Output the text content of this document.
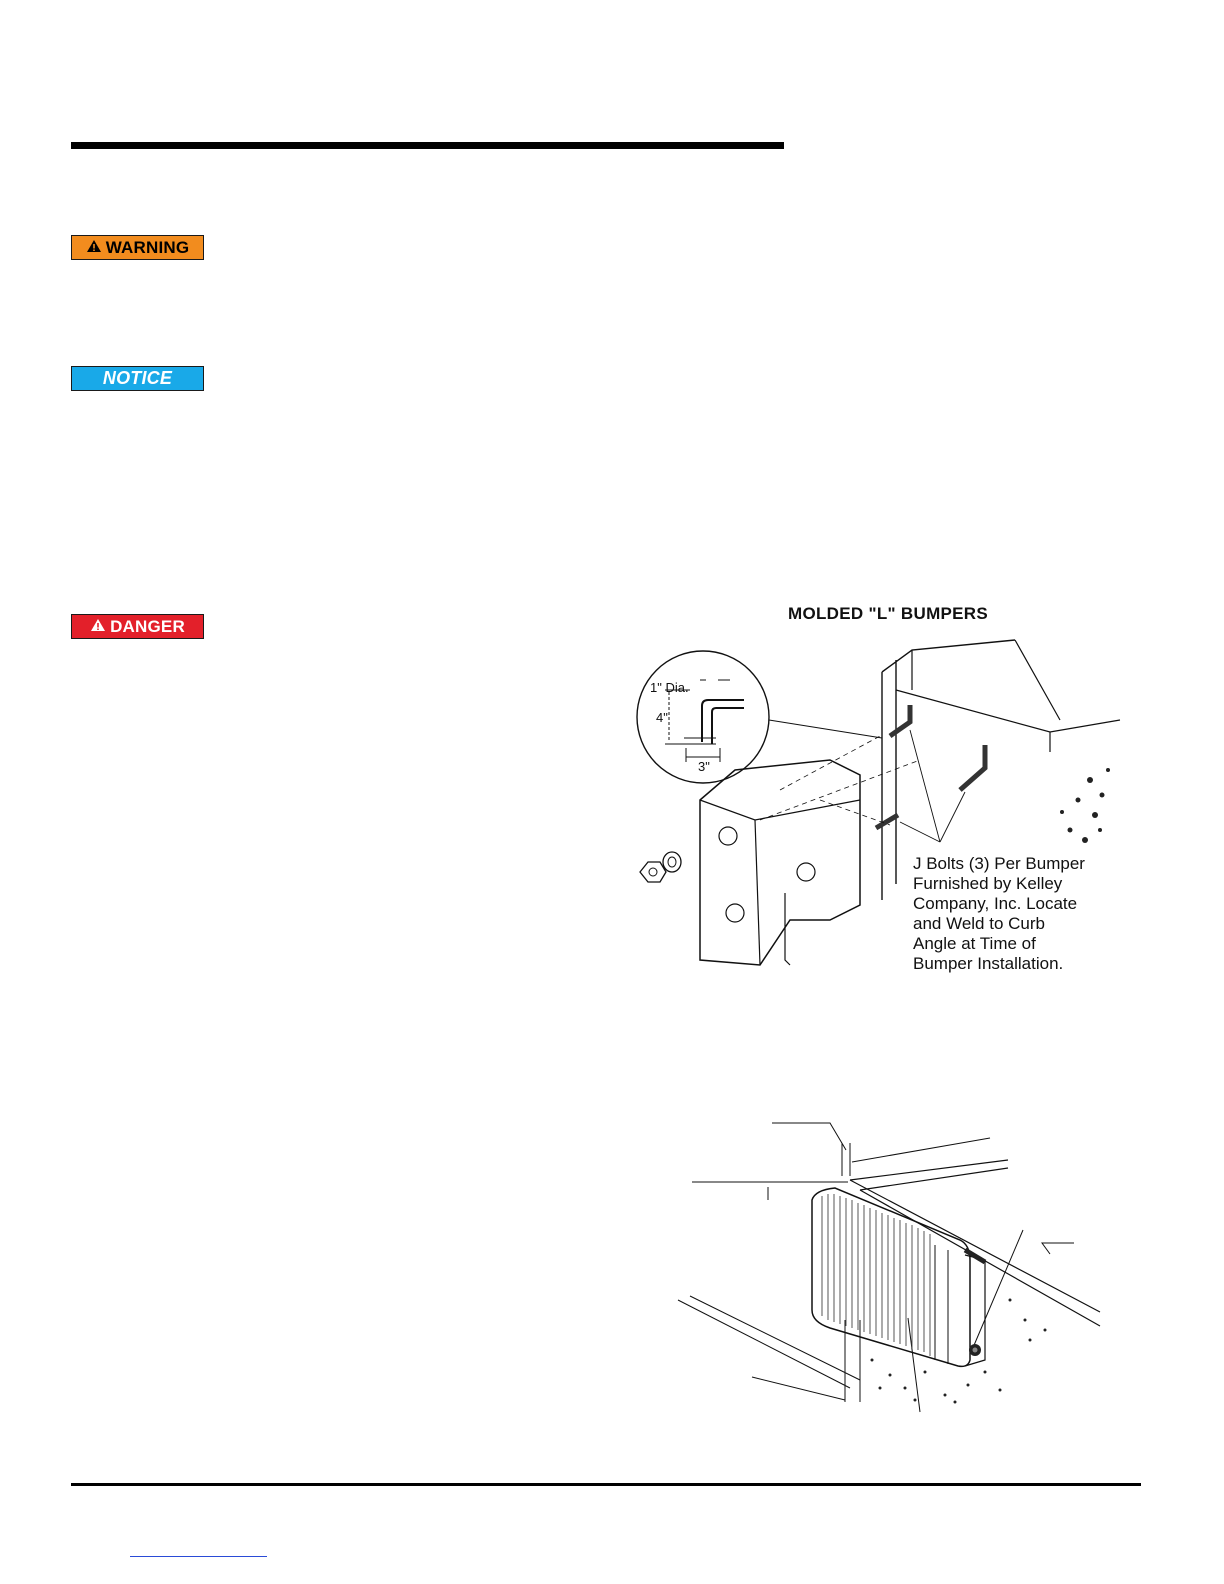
WARNING
NOTICE
DANGER
MOLDED "L" BUMPERS
1" Dia.
4"
3"
J Bolts (3) Per Bumper
Furnished by Kelley
Company, Inc. Locate
and Weld to Curb
Angle at Time of
Bumper Installation.
